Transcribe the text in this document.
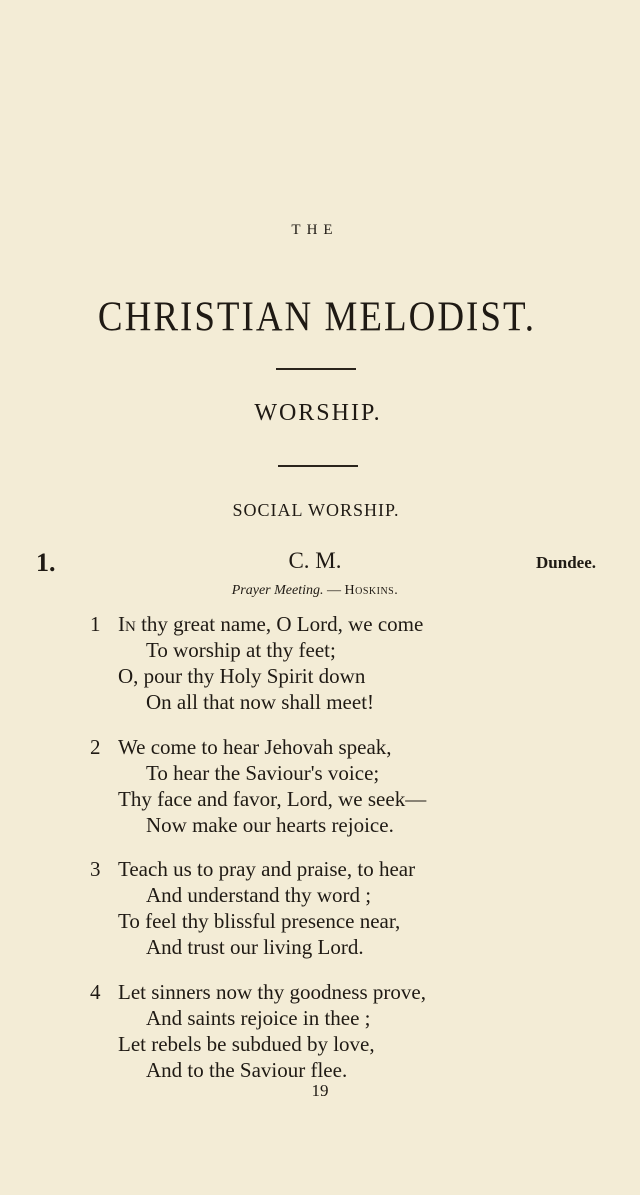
THE
CHRISTIAN MELODIST.
WORSHIP.
SOCIAL WORSHIP.
1.	C. M.	Dundee.
Prayer Meeting. — Hoskins.
1 In thy great name, O Lord, we come
To worship at thy feet;
O, pour thy Holy Spirit down
On all that now shall meet!
2 We come to hear Jehovah speak,
To hear the Saviour's voice;
Thy face and favor, Lord, we seek—
Now make our hearts rejoice.
3 Teach us to pray and praise, to hear
And understand thy word ;
To feel thy blissful presence near,
And trust our living Lord.
4 Let sinners now thy goodness prove,
And saints rejoice in thee ;
Let rebels be subdued by love,
And to the Saviour flee.
19
